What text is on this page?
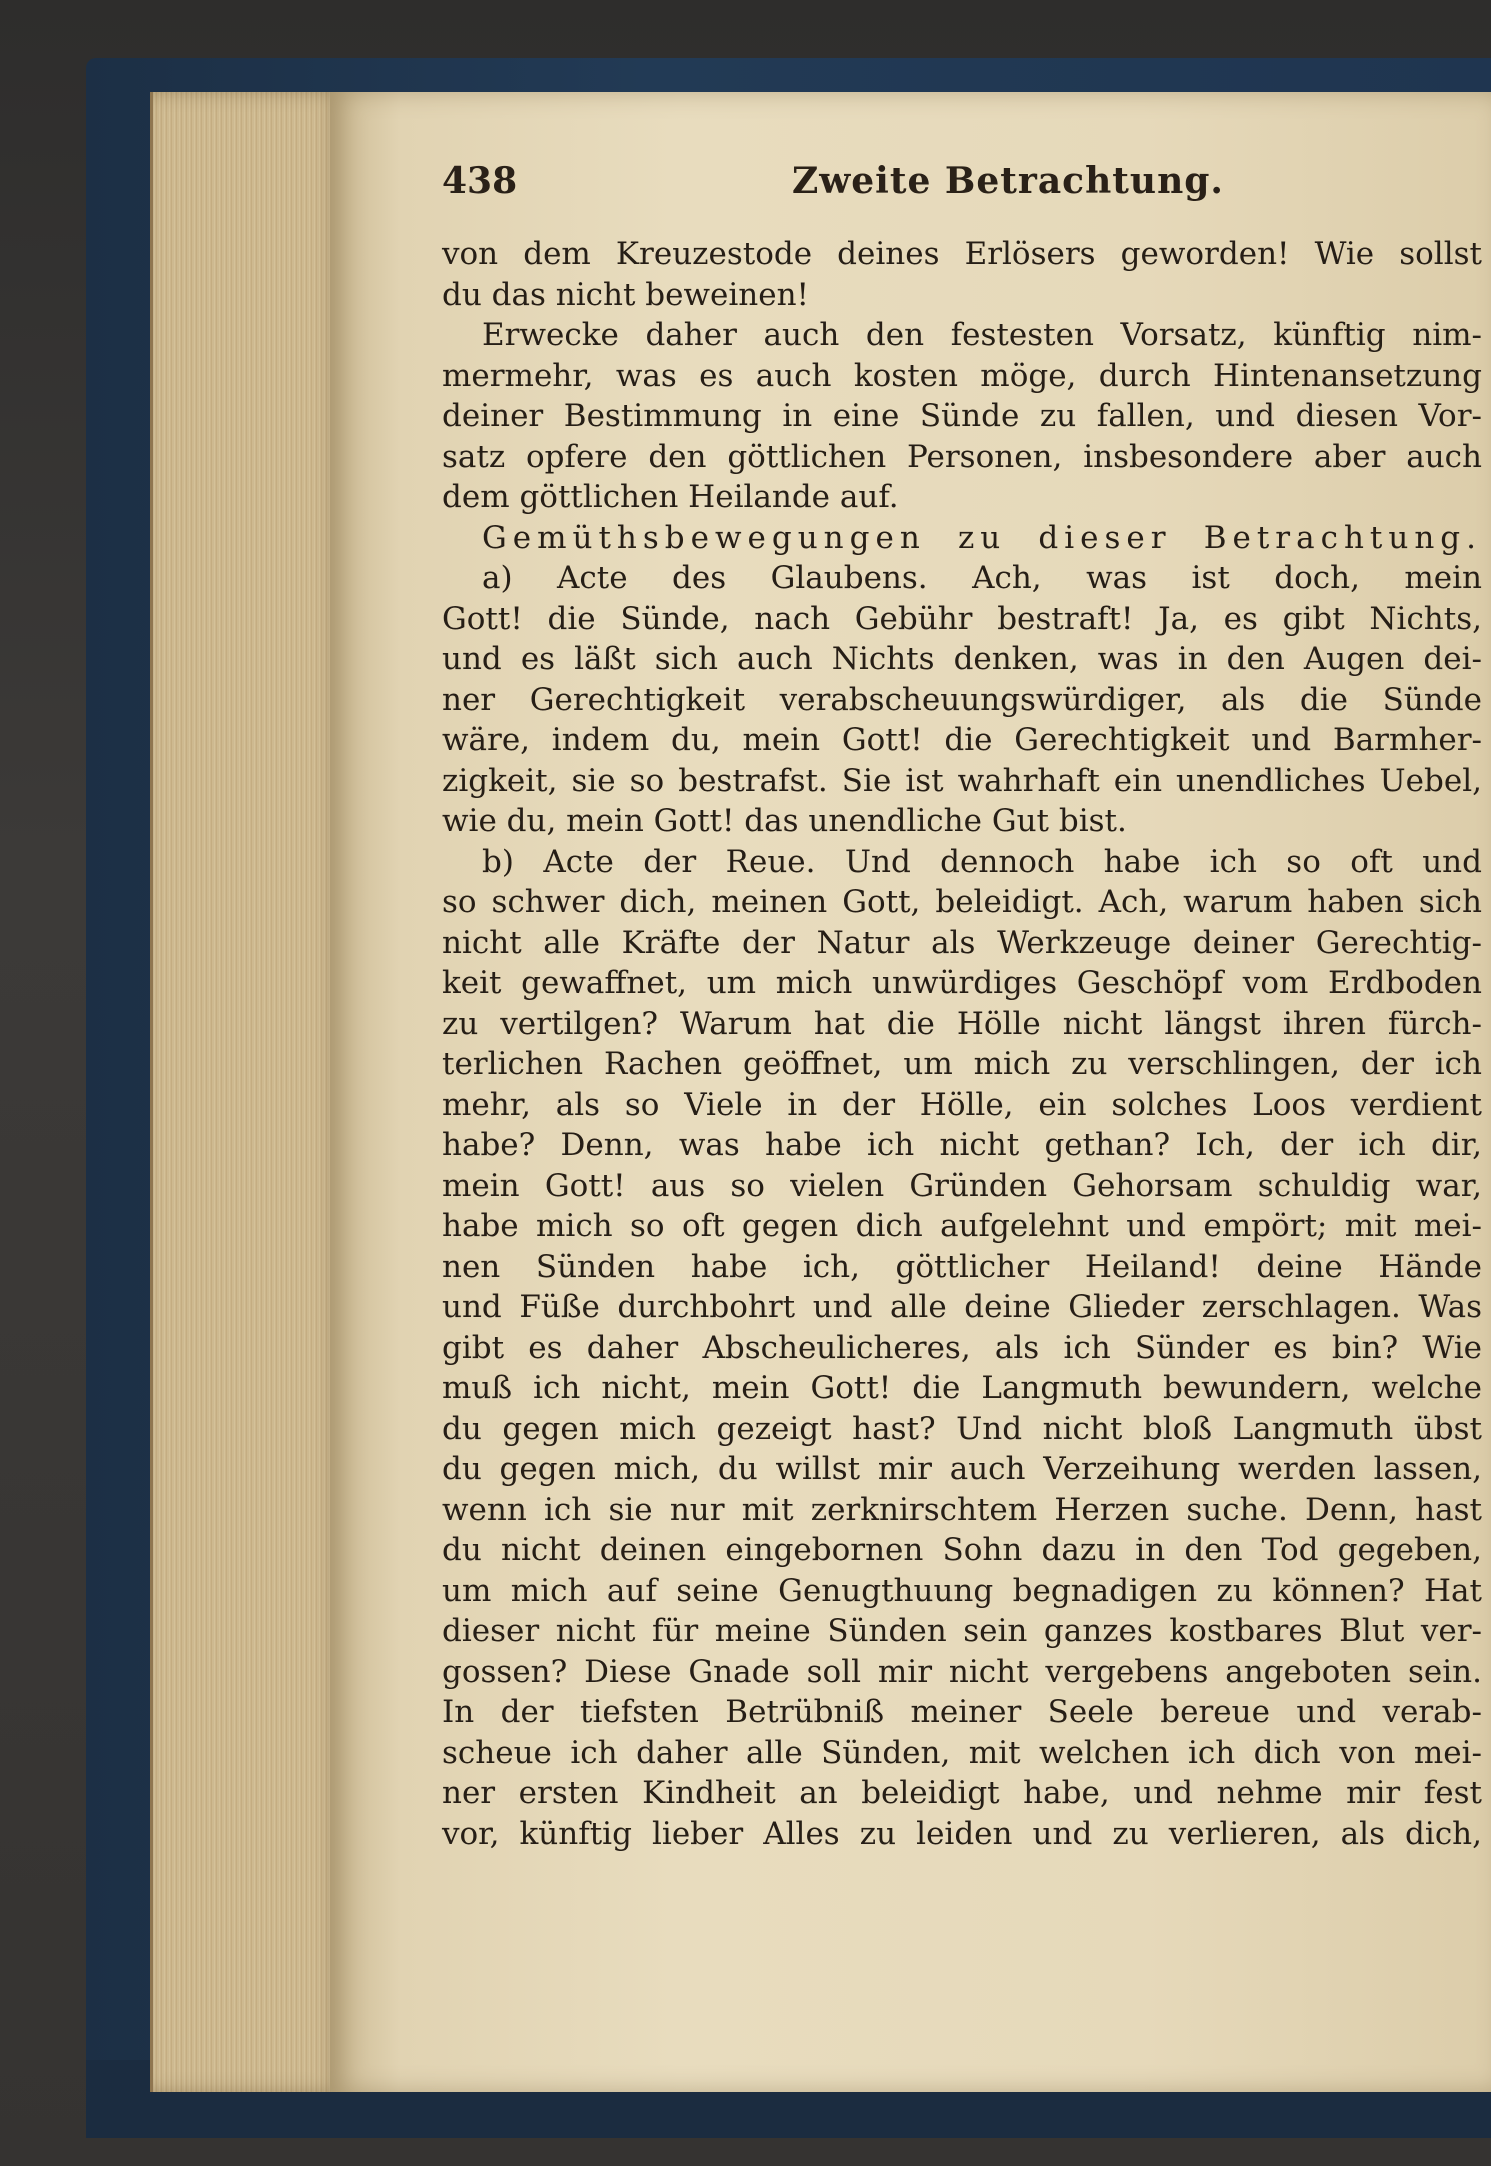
438	Zweite Betrachtung.
von dem Kreuzestode deines Erlösers geworden! Wie sollst
du das nicht beweinen!
Erwecke daher auch den festesten Vorsatz, künftig nim-
mermehr, was es auch kosten möge, durch Hintenansetzung
deiner Bestimmung in eine Sünde zu fallen, und diesen Vor-
satz opfere den göttlichen Personen, insbesondere aber auch
dem göttlichen Heilande auf.
Gemüthsbewegungen zu dieser Betrachtung.
a) Acte des Glaubens. Ach, was ist doch, mein
Gott! die Sünde, nach Gebühr bestraft! Ja, es gibt Nichts,
und es läßt sich auch Nichts denken, was in den Augen dei-
ner Gerechtigkeit verabscheuungswürdiger, als die Sünde
wäre, indem du, mein Gott! die Gerechtigkeit und Barmher-
zigkeit, sie so bestrafst. Sie ist wahrhaft ein unendliches Uebel,
wie du, mein Gott! das unendliche Gut bist.
b) Acte der Reue. Und dennoch habe ich so oft und
so schwer dich, meinen Gott, beleidigt. Ach, warum haben sich
nicht alle Kräfte der Natur als Werkzeuge deiner Gerechtig-
keit gewaffnet, um mich unwürdiges Geschöpf vom Erdboden
zu vertilgen? Warum hat die Hölle nicht längst ihren fürch-
terlichen Rachen geöffnet, um mich zu verschlingen, der ich
mehr, als so Viele in der Hölle, ein solches Loos verdient
habe? Denn, was habe ich nicht gethan? Ich, der ich dir,
mein Gott! aus so vielen Gründen Gehorsam schuldig war,
habe mich so oft gegen dich aufgelehnt und empört; mit mei-
nen Sünden habe ich, göttlicher Heiland! deine Hände
und Füße durchbohrt und alle deine Glieder zerschlagen. Was
gibt es daher Abscheulicheres, als ich Sünder es bin? Wie
muß ich nicht, mein Gott! die Langmuth bewundern, welche
du gegen mich gezeigt hast? Und nicht bloß Langmuth übst
du gegen mich, du willst mir auch Verzeihung werden lassen,
wenn ich sie nur mit zerknirschtem Herzen suche. Denn, hast
du nicht deinen eingebornen Sohn dazu in den Tod gegeben,
um mich auf seine Genugthuung begnadigen zu können? Hat
dieser nicht für meine Sünden sein ganzes kostbares Blut ver-
gossen? Diese Gnade soll mir nicht vergebens angeboten sein.
In der tiefsten Betrübniß meiner Seele bereue und verab-
scheue ich daher alle Sünden, mit welchen ich dich von mei-
ner ersten Kindheit an beleidigt habe, und nehme mir fest
vor, künftig lieber Alles zu leiden und zu verlieren, als dich,
